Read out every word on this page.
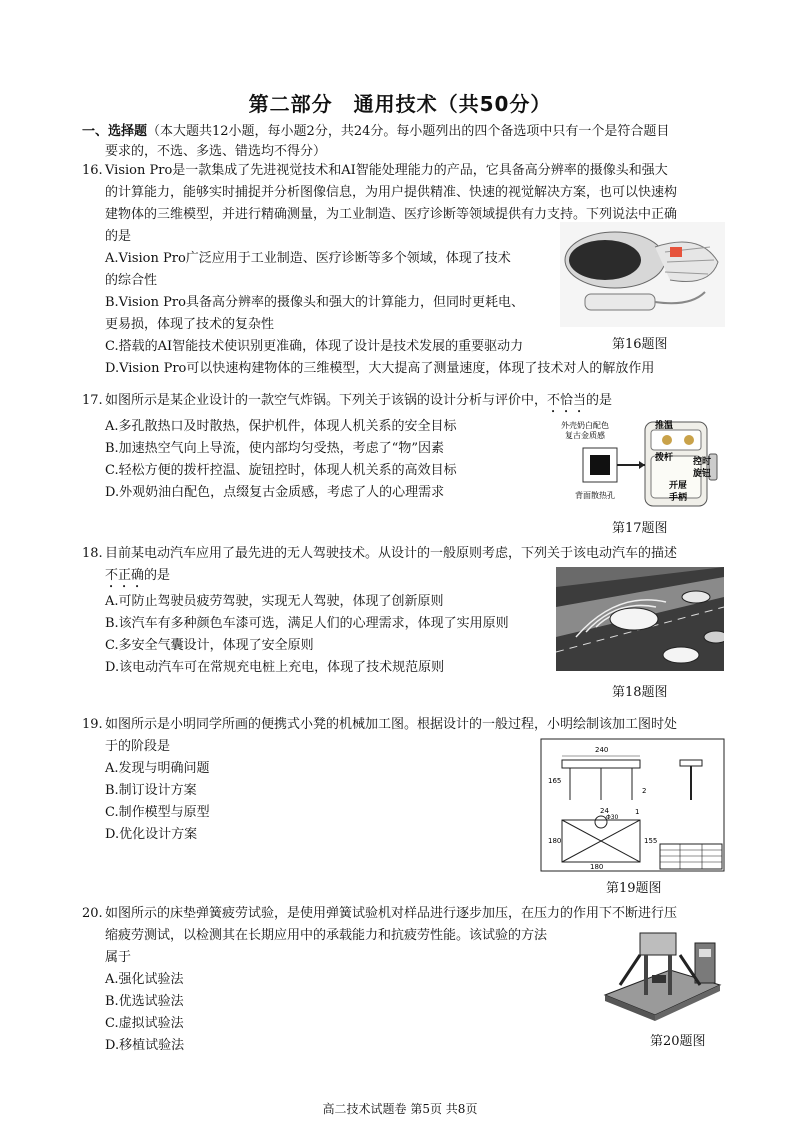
第二部分　通用技术（共50分）
一、选择题（本大题共12小题，每小题2分，共24分。每小题列出的四个备选项中只有一个是符合题目
要求的，不选、多选、错选均不得分）
16. Vision Pro是一款集成了先进视觉技术和AI智能处理能力的产品，它具备高分辨率的摄像头和强大
的计算能力，能够实时捕捉并分析图像信息，为用户提供精准、快速的视觉解决方案，也可以快速构
建物体的三维模型，并进行精确测量，为工业制造、医疗诊断等领域提供有力支持。下列说法中正确
的是
A.Vision Pro广泛应用于工业制造、医疗诊断等多个领域，体现了技术
的综合性
B.Vision Pro具备高分辨率的摄像头和强大的计算能力，但同时更耗电、
更易损，体现了技术的复杂性
C.搭载的AI智能技术使识别更准确，体现了设计是技术发展的重要驱动力
D.Vision Pro可以快速构建物体的三维模型，大大提高了测量速度，体现了技术对人的解放作用
第16题图
17. 如图所示是某企业设计的一款空气炸锅。下列关于该锅的设计分析与评价中，不恰当的是
A.多孔散热口及时散热，保护机件，体现人机关系的安全目标
B.加速热空气向上导流，使内部均匀受热，考虑了“物”因素
C.轻松方便的拨杆控温、旋钮控时，体现人机关系的高效目标
D.外观奶油白配色，点缀复古金质感，考虑了人的心理需求
外壳奶白配色
复古金质感
推温
拨杆 控时
旋钮
开屉
手柄
背面散热孔
第17题图
18. 目前某电动汽车应用了最先进的无人驾驶技术。从设计的一般原则考虑，下列关于该电动汽车的描述
不正确的是
A.可防止驾驶员疲劳驾驶，实现无人驾驶，体现了创新原则
B.该汽车有多种颜色车漆可选，满足人们的心理需求，体现了实用原则
C.多安全气囊设计，体现了安全原则
D.该电动汽车可在常规充电桩上充电，体现了技术规范原则
第18题图
19. 如图所示是小明同学所画的便携式小凳的机械加工图。根据设计的一般过程，小明绘制该加工图时处
于的阶段是
A.发现与明确问题
B.制订设计方案
C.制作模型与原型
D.优化设计方案
240
165
2
24
Φ30
1
180	155
180
第19题图
20. 如图所示的床垫弹簧疲劳试验，是使用弹簧试验机对样品进行逐步加压，在压力的作用下不断进行压
缩疲劳测试，以检测其在长期应用中的承载能力和抗疲劳性能。该试验的方法
属于
A.强化试验法
B.优选试验法
C.虚拟试验法
D.移植试验法	第20题图
高二技术试题卷 第5页 共8页
